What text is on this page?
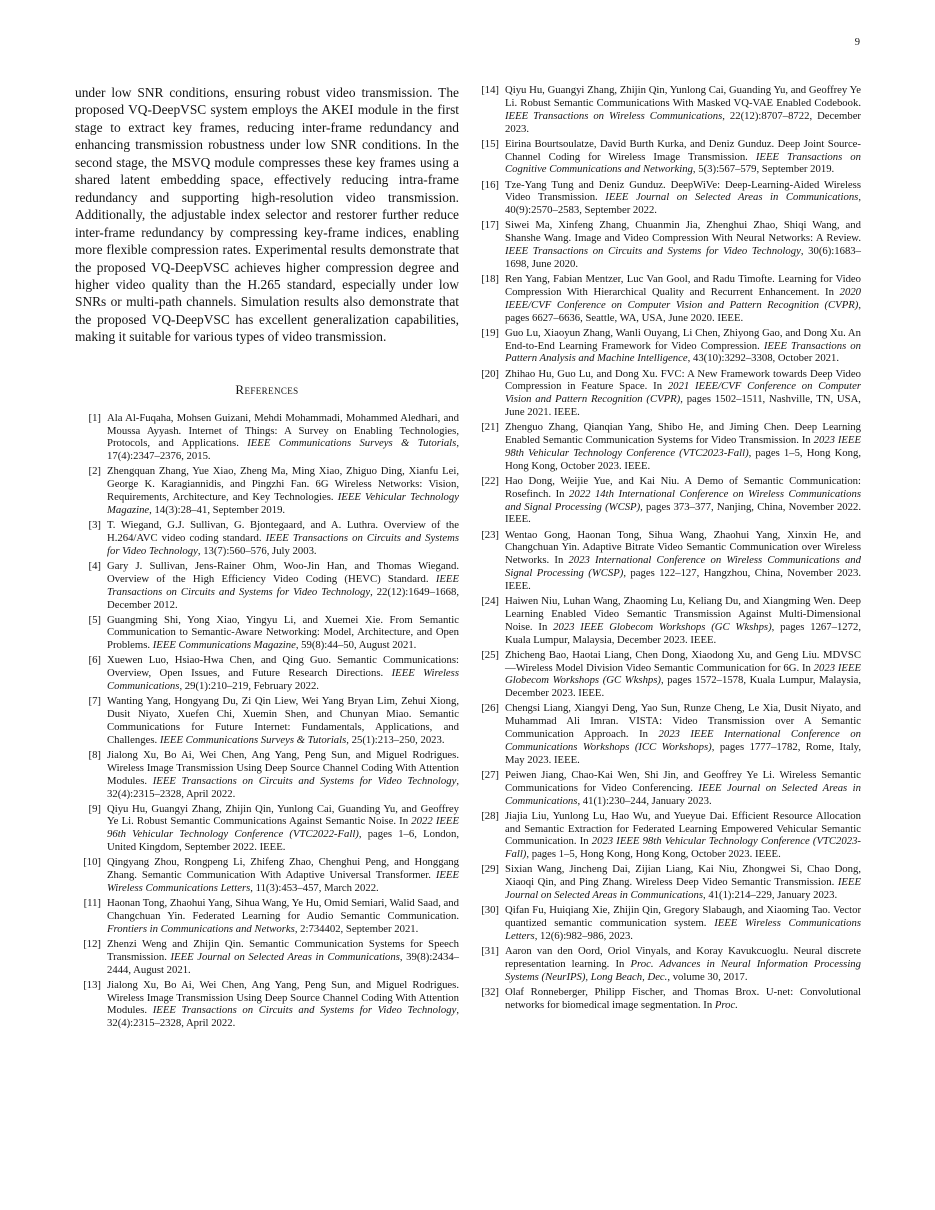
9

under low SNR conditions, ensuring robust video transmission. The proposed VQ-DeepVSC system employs the AKEI module in the first stage to extract key frames, reducing inter-frame redundancy and enhancing transmission robustness under low SNR conditions. In the second stage, the MSVQ module compresses these key frames using a shared latent embedding space, effectively reducing intra-frame redundancy and supporting high-resolution video transmission. Additionally, the adjustable index selector and restorer further reduce inter-frame redundancy by compressing key-frame indices, enabling more flexible compression rates. Experimental results demonstrate that the proposed VQ-DeepVSC achieves higher compression degree and higher video quality than the H.265 standard, especially under low SNRs or multi-path channels. Simulation results also demonstrate that the proposed VQ-DeepVSC has excellent generalization capabilities, making it suitable for various types of video transmission.

References
[1] Ala Al-Fuqaha, Mohsen Guizani, Mehdi Mohammadi, Mohammed Aledhari, and Moussa Ayyash. Internet of Things: A Survey on Enabling Technologies, Protocols, and Applications. IEEE Communications Surveys & Tutorials, 17(4):2347–2376, 2015.
[2] Zhengquan Zhang, Yue Xiao, Zheng Ma, Ming Xiao, Zhiguo Ding, Xianfu Lei, George K. Karagiannidis, and Pingzhi Fan. 6G Wireless Networks: Vision, Requirements, Architecture, and Key Technologies. IEEE Vehicular Technology Magazine, 14(3):28–41, September 2019.
[3] T. Wiegand, G.J. Sullivan, G. Bjontegaard, and A. Luthra. Overview of the H.264/AVC video coding standard. IEEE Transactions on Circuits and Systems for Video Technology, 13(7):560–576, July 2003.
[4] Gary J. Sullivan, Jens-Rainer Ohm, Woo-Jin Han, and Thomas Wiegand. Overview of the High Efficiency Video Coding (HEVC) Standard. IEEE Transactions on Circuits and Systems for Video Technology, 22(12):1649–1668, December 2012.
[5] Guangming Shi, Yong Xiao, Yingyu Li, and Xuemei Xie. From Semantic Communication to Semantic-Aware Networking: Model, Architecture, and Open Problems. IEEE Communications Magazine, 59(8):44–50, August 2021.
[6] Xuewen Luo, Hsiao-Hwa Chen, and Qing Guo. Semantic Communications: Overview, Open Issues, and Future Research Directions. IEEE Wireless Communications, 29(1):210–219, February 2022.
[7] Wanting Yang, Hongyang Du, Zi Qin Liew, Wei Yang Bryan Lim, Zehui Xiong, Dusit Niyato, Xuefen Chi, Xuemin Shen, and Chunyan Miao. Semantic Communications for Future Internet: Fundamentals, Applications, and Challenges. IEEE Communications Surveys & Tutorials, 25(1):213–250, 2023.
[8] Jialong Xu, Bo Ai, Wei Chen, Ang Yang, Peng Sun, and Miguel Rodrigues. Wireless Image Transmission Using Deep Source Channel Coding With Attention Modules. IEEE Transactions on Circuits and Systems for Video Technology, 32(4):2315–2328, April 2022.
[9] Qiyu Hu, Guangyi Zhang, Zhijin Qin, Yunlong Cai, Guanding Yu, and Geoffrey Ye Li. Robust Semantic Communications Against Semantic Noise. In 2022 IEEE 96th Vehicular Technology Conference (VTC2022-Fall), pages 1–6, London, United Kingdom, September 2022. IEEE.
[10] Qingyang Zhou, Rongpeng Li, Zhifeng Zhao, Chenghui Peng, and Honggang Zhang. Semantic Communication With Adaptive Universal Transformer. IEEE Wireless Communications Letters, 11(3):453–457, March 2022.
[11] Haonan Tong, Zhaohui Yang, Sihua Wang, Ye Hu, Omid Semiari, Walid Saad, and Changchuan Yin. Federated Learning for Audio Semantic Communication. Frontiers in Communications and Networks, 2:734402, September 2021.
[12] Zhenzi Weng and Zhijin Qin. Semantic Communication Systems for Speech Transmission. IEEE Journal on Selected Areas in Communications, 39(8):2434–2444, August 2021.
[13] Jialong Xu, Bo Ai, Wei Chen, Ang Yang, Peng Sun, and Miguel Rodrigues. Wireless Image Transmission Using Deep Source Channel Coding With Attention Modules. IEEE Transactions on Circuits and Systems for Video Technology, 32(4):2315–2328, April 2022.
[14] Qiyu Hu, Guangyi Zhang, Zhijin Qin, Yunlong Cai, Guanding Yu, and Geoffrey Ye Li. Robust Semantic Communications With Masked VQ-VAE Enabled Codebook. IEEE Transactions on Wireless Communications, 22(12):8707–8722, December 2023.
[15] Eirina Bourtsoulatze, David Burth Kurka, and Deniz Gunduz. Deep Joint Source-Channel Coding for Wireless Image Transmission. IEEE Transactions on Cognitive Communications and Networking, 5(3):567–579, September 2019.
[16] Tze-Yang Tung and Deniz Gunduz. DeepWiVe: Deep-Learning-Aided Wireless Video Transmission. IEEE Journal on Selected Areas in Communications, 40(9):2570–2583, September 2022.
[17] Siwei Ma, Xinfeng Zhang, Chuanmin Jia, Zhenghui Zhao, Shiqi Wang, and Shanshe Wang. Image and Video Compression With Neural Networks: A Review. IEEE Transactions on Circuits and Systems for Video Technology, 30(6):1683–1698, June 2020.
[18] Ren Yang, Fabian Mentzer, Luc Van Gool, and Radu Timofte. Learning for Video Compression With Hierarchical Quality and Recurrent Enhancement. In 2020 IEEE/CVF Conference on Computer Vision and Pattern Recognition (CVPR), pages 6627–6636, Seattle, WA, USA, June 2020. IEEE.
[19] Guo Lu, Xiaoyun Zhang, Wanli Ouyang, Li Chen, Zhiyong Gao, and Dong Xu. An End-to-End Learning Framework for Video Compression. IEEE Transactions on Pattern Analysis and Machine Intelligence, 43(10):3292–3308, October 2021.
[20] Zhihao Hu, Guo Lu, and Dong Xu. FVC: A New Framework towards Deep Video Compression in Feature Space. In 2021 IEEE/CVF Conference on Computer Vision and Pattern Recognition (CVPR), pages 1502–1511, Nashville, TN, USA, June 2021. IEEE.
[21] Zhenguo Zhang, Qianqian Yang, Shibo He, and Jiming Chen. Deep Learning Enabled Semantic Communication Systems for Video Transmission. In 2023 IEEE 98th Vehicular Technology Conference (VTC2023-Fall), pages 1–5, Hong Kong, Hong Kong, October 2023. IEEE.
[22] Hao Dong, Weijie Yue, and Kai Niu. A Demo of Semantic Communication: Rosefinch. In 2022 14th International Conference on Wireless Communications and Signal Processing (WCSP), pages 373–377, Nanjing, China, November 2022. IEEE.
[23] Wentao Gong, Haonan Tong, Sihua Wang, Zhaohui Yang, Xinxin He, and Changchuan Yin. Adaptive Bitrate Video Semantic Communication over Wireless Networks. In 2023 International Conference on Wireless Communications and Signal Processing (WCSP), pages 122–127, Hangzhou, China, November 2023. IEEE.
[24] Haiwen Niu, Luhan Wang, Zhaoming Lu, Keliang Du, and Xiangming Wen. Deep Learning Enabled Video Semantic Transmission Against Multi-Dimensional Noise. In 2023 IEEE Globecom Workshops (GC Wkshps), pages 1267–1272, Kuala Lumpur, Malaysia, December 2023. IEEE.
[25] Zhicheng Bao, Haotai Liang, Chen Dong, Xiaodong Xu, and Geng Liu. MDVSC—Wireless Model Division Video Semantic Communication for 6G. In 2023 IEEE Globecom Workshops (GC Wkshps), pages 1572–1578, Kuala Lumpur, Malaysia, December 2023. IEEE.
[26] Chengsi Liang, Xiangyi Deng, Yao Sun, Runze Cheng, Le Xia, Dusit Niyato, and Muhammad Ali Imran. VISTA: Video Transmission over A Semantic Communication Approach. In 2023 IEEE International Conference on Communications Workshops (ICC Workshops), pages 1777–1782, Rome, Italy, May 2023. IEEE.
[27] Peiwen Jiang, Chao-Kai Wen, Shi Jin, and Geoffrey Ye Li. Wireless Semantic Communications for Video Conferencing. IEEE Journal on Selected Areas in Communications, 41(1):230–244, January 2023.
[28] Jiajia Liu, Yunlong Lu, Hao Wu, and Yueyue Dai. Efficient Resource Allocation and Semantic Extraction for Federated Learning Empowered Vehicular Semantic Communication. In 2023 IEEE 98th Vehicular Technology Conference (VTC2023-Fall), pages 1–5, Hong Kong, Hong Kong, October 2023. IEEE.
[29] Sixian Wang, Jincheng Dai, Zijian Liang, Kai Niu, Zhongwei Si, Chao Dong, Xiaoqi Qin, and Ping Zhang. Wireless Deep Video Semantic Transmission. IEEE Journal on Selected Areas in Communications, 41(1):214–229, January 2023.
[30] Qifan Fu, Huiqiang Xie, Zhijin Qin, Gregory Slabaugh, and Xiaoming Tao. Vector quantized semantic communication system. IEEE Wireless Communications Letters, 12(6):982–986, 2023.
[31] Aaron van den Oord, Oriol Vinyals, and Koray Kavukcuoglu. Neural discrete representation learning. In Proc. Advances in Neural Information Processing Systems (NeurIPS), Long Beach, Dec., volume 30, 2017.
[32] Olaf Ronneberger, Philipp Fischer, and Thomas Brox. U-net: Convolutional networks for biomedical image segmentation. In Proc.
